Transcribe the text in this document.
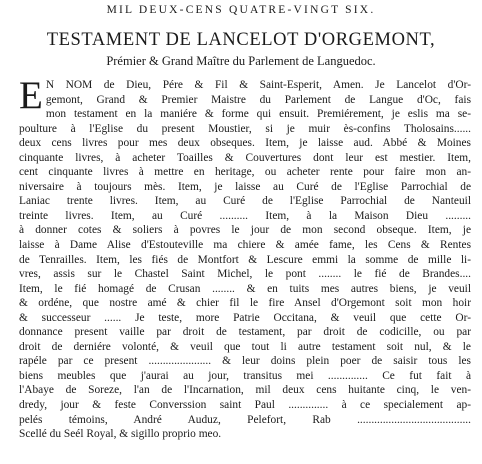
MIL DEUX-CENS QUATRE-VINGT SIX.
TESTAMENT DE LANCELOT D'ORGEMONT,
Prémier & Grand Maître du Parlement de Languedoc.
E N NOM de Dieu, Pére & Fil & Saint-Esperit, Amen. Je Lancelot d'Or-
gemont, Grand & Premier Maistre du Parlement de Langue d'Oc, fais
mon testament en la maniére & forme qui ensuit. Premiérement, je eslis ma se-
poulture à l'Eglise du present Moustier, si je muir ès-confins Tholosains......
deux cens livres pour mes deux obseques. Item, je laisse aud. Abbé & Moines
cinquante livres, à acheter Toailles & Couvertures dont leur est mestier. Item,
cent cinquante livres à mettre en heritage, ou acheter rente pour faire mon an-
niversaire à toujours mès. Item, je laisse au Curé de l'Eglise Parrochial de
Laniac trente livres. Item, au Curé de l'Eglise Parrochial de Nanteuil
treinte livres. Item, au Curé .......... Item, à la Maison Dieu .........
à donner cotes & soliers à povres le jour de mon second obseque. Item, je
laisse à Dame Alise d'Estouteville ma chiere & amée fame, les Cens & Rentes
de Tenrailles. Item, les fiés de Montfort & Lescure emmi la somme de mille li-
vres, assis sur le Chastel Saint Michel, le pont ........ le fié de Brandes....
Item, le fié homagé de Crusan ........ & en tuits mes autres biens, je veuil
& ordéne, que nostre amé & chier fil le fire Ansel d'Orgemont soit mon hoir
& successeur ...... Je teste, more Patrie Occitana, & veuil que cette Or-
donnance present vaille par droit de testament, par droit de codicille, ou par
droit de derniére volonté, & veuil que tout li autre testament soit nul, & le
rapéle par ce present ...................... & leur doins plein poer de saisir tous les
biens meubles que j'aurai au jour, transitus mei .............. Ce fut fait à
l'Abaye de Soreze, l'an de l'Incarnation, mil deux cens huitante cinq, le ven-
dredy, jour & feste Converssion saint Paul .............. à ce specialement ap-
pelés témoins, André Auduz, Pelefort, Rab ........................................
Scellé du Seél Royal, & sigillo proprio meo.
